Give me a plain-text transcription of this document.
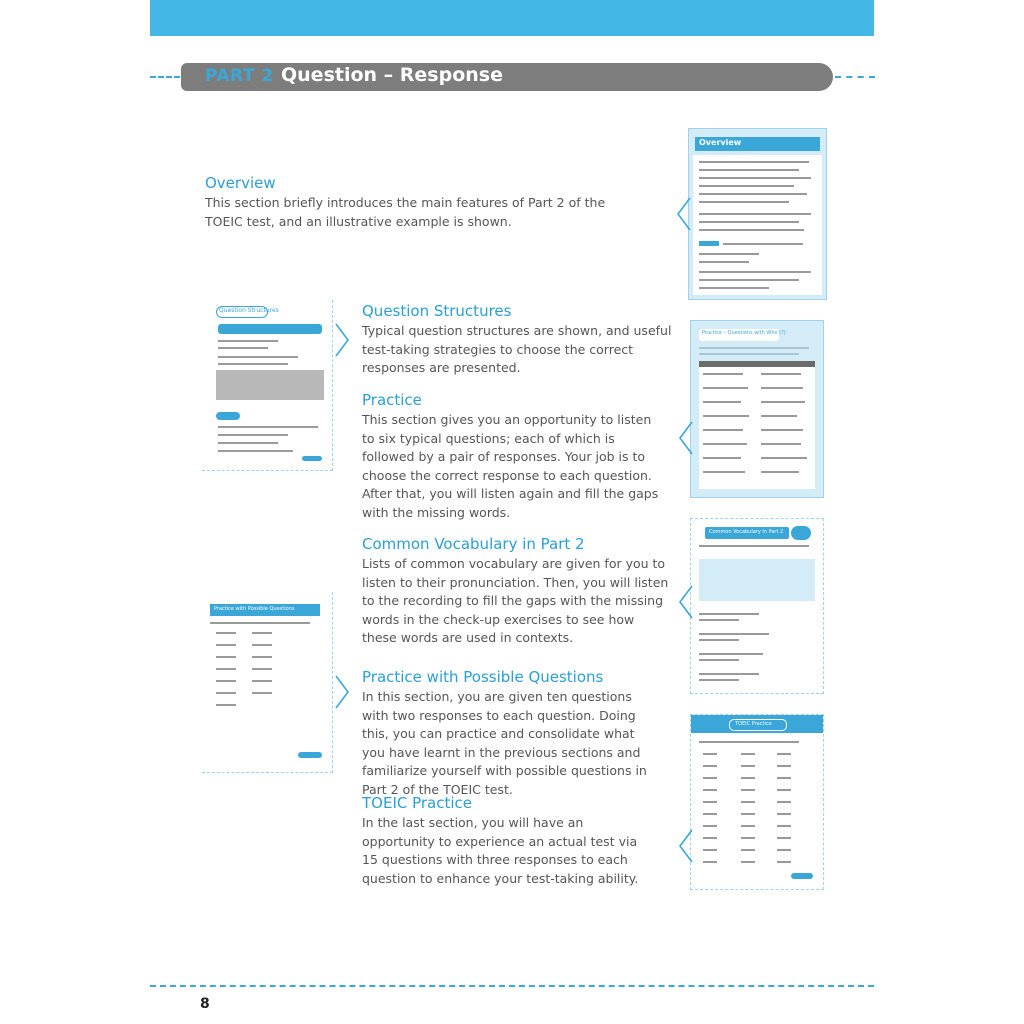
PART 2 Question – Response
Overview
This section briefly introduces the main features of Part 2 of the TOEIC test, and an illustrative example is shown.
Overview
Question Structures	Question Structures
Typical question structures are shown, and useful test-taking strategies to choose the correct responses are presented.
Practice
This section gives you an opportunity to listen to six typical questions; each of which is followed by a pair of responses. Your job is to choose the correct response to each question. After that, you will listen again and fill the gaps with the missing words.
Practice – Questions with Who (?)
Common Vocabulary in Part 2
Lists of common vocabulary are given for you to listen to their pronunciation. Then, you will listen to the recording to fill the gaps with the missing words in the check-up exercises to see how these words are used in contexts.
Common Vocabulary in Part 2
Practice with Possible Questions
Practice with Possible Questions
In this section, you are given ten questions with two responses to each question. Doing this, you can practice and consolidate what you have learnt in the previous sections and familiarize yourself with possible questions in Part 2 of the TOEIC test.
TOEIC Practice
In the last section, you will have an opportunity to experience an actual test via 15 questions with three responses to each question to enhance your test-taking ability.
TOEIC Practice
8
